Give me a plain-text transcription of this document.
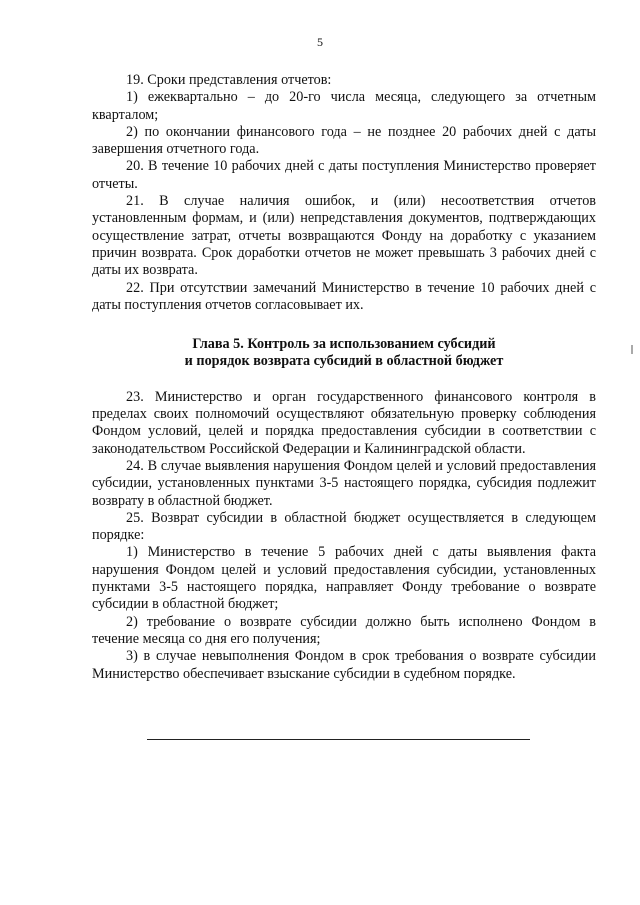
5

19. Сроки представления отчетов:

1) ежеквартально – до 20-го числа месяца, следующего за отчетным кварталом;

2) по окончании финансового года – не позднее 20 рабочих дней с даты завершения отчетного года.

20. В течение 10 рабочих дней с даты поступления Министерство проверяет отчеты.

21. В случае наличия ошибок, и (или) несоответствия отчетов установленным формам, и (или) непредставления документов, подтверждающих осуществление затрат, отчеты возвращаются Фонду на доработку с указанием причин возврата. Срок доработки отчетов не может превышать 3 рабочих дней с даты их возврата.

22. При отсутствии замечаний Министерство в течение 10 рабочих дней с даты поступления отчетов согласовывает их.

Глава 5. Контроль за использованием субсидий
и порядок возврата субсидий в областной бюджет

23. Министерство и орган государственного финансового контроля в пределах своих полномочий осуществляют обязательную проверку соблюдения Фондом условий, целей и порядка предоставления субсидии в соответствии с законодательством Российской Федерации и Калининградской области.

24. В случае выявления нарушения Фондом целей и условий предоставления субсидии, установленных пунктами 3-5 настоящего порядка, субсидия подлежит возврату в областной бюджет.

25. Возврат субсидии в областной бюджет осуществляется в следующем порядке:

1) Министерство в течение 5 рабочих дней с даты выявления факта нарушения Фондом целей и условий предоставления субсидии, установленных пунктами 3-5 настоящего порядка, направляет Фонду требование о возврате субсидии в областной бюджет;

2) требование о возврате субсидии должно быть исполнено Фондом в течение месяца со дня его получения;

3) в случае невыполнения Фондом в срок требования о возврате субсидии Министерство обеспечивает взыскание субсидии в судебном порядке.
